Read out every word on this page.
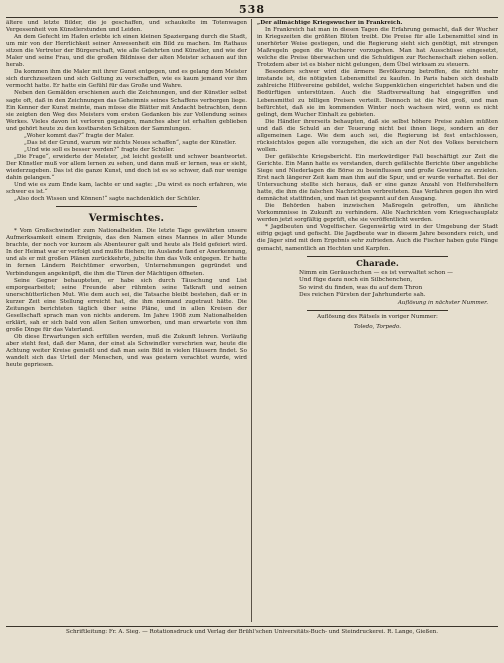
538

ältere und letzte Bilder, die je geschaffen, und schaukelte im Totenwagen Vergessenheit von Künstlerstunden und Leiden.

An dem Gefecht im Hafen erlebte ich einen kleinen Spaziergang durch die Stadt, um mir von der Herrlichkeit seiner Anwesenheit ein Bild zu machen. Im Rathaus sitzen die Vertreter der Bürgerschaft, wie alle Gelehrten und Künstler, und wie der Maler und seine Frau, und die großen Bildnisse der alten Meister schauen auf ihn herab.

Da kommen ihm die Maler mit ihrer Gunst entgegen, und es gelang dem Meister sich durchzusetzen und sich Geltung zu verschaffen, wie es kaum jemand vor ihm vermocht hatte. Er hatte ein Gefühl für das Große und Wahre.

Neben den Gemälden erschienen auch die Zeichnungen, und der Künstler selbst sagte oft, daß in den Zeichnungen das Geheimnis seines Schaffens verborgen liege. Ein Kenner der Kunst meinte, man müsse die Blätter mit Andacht betrachten, denn sie zeigten den Weg des Meisters vom ersten Gedanken bis zur Vollendung seines Werkes. Vieles davon ist verloren gegangen, manches aber ist erhalten geblieben und gehört heute zu den kostbarsten Schätzen der Sammlungen.

„Woher kommt das?“ fragte der Maler.

„Das ist der Grund, warum wir nichts Neues schaffen“, sagte der Künstler.

„Und wie soll es besser werden?“ fragte der Schüler.

„Die Frage“, erwiderte der Meister, „ist leicht gestellt und schwer beantwortet. Der Künstler muß vor allem lernen zu sehen, und dann muß er lernen, was er sieht, wiederzugeben. Das ist die ganze Kunst, und doch ist es so schwer, daß nur wenige dahin gelangen.“

Und wie es zum Ende kam, lachte er und sagte: „Du wirst es noch erfahren, wie schwer es ist.“

„Also doch Wissen und Können!“ sagte nachdenklich der Schüler.

Vermischtes.

* Vom Großschwindler zum Nationalhelden. Die letzte Tage gewährten unsere Aufmerksamkeit einem Ereignis, das den Namen eines Mannes in aller Munde brachte, der noch vor kurzem als Abenteurer galt und heute als Held gefeiert wird. In der Heimat war er verfolgt und mußte fliehen; im Auslande fand er Anerkennung, und als er mit großen Plänen zurückkehrte, jubelte ihm das Volk entgegen. Er hatte in fernen Ländern Reichtümer erworben, Unternehmungen gegründet und Verbindungen angeknüpft, die ihm die Türen der Mächtigen öffneten.

Seine Gegner behaupteten, er habe sich durch Täuschung und List emporgearbeitet; seine Freunde aber rühmten seine Tatkraft und seinen unerschütterlichen Mut. Wie dem auch sei, die Tatsache bleibt bestehen, daß er in kurzer Zeit eine Stellung erreicht hat, die ihm niemand zugetraut hätte. Die Zeitungen berichteten täglich über seine Pläne, und in allen Kreisen der Gesellschaft sprach man von nichts anderem. Im Jahre 1908 zum Nationalhelden erklärt, sah er sich bald von allen Seiten umworben, und man erwartete von ihm große Dinge für das Vaterland.

Ob diese Erwartungen sich erfüllen werden, muß die Zukunft lehren. Vorläufig aber steht fest, daß der Mann, der einst als Schwindler verschrien war, heute die Achtung weiter Kreise genießt und daß man sein Bild in vielen Häusern findet. So wandelt sich das Urteil der Menschen, und was gestern verachtet wurde, wird heute gepriesen.

„Der allmächtige Kriegswucher in Frankreich.

In Frankreich hat man in diesen Tagen die Erfahrung gemacht, daß der Wucher in Kriegszeiten die größten Blüten treibt. Die Preise für alle Lebensmittel sind in unerhörter Weise gestiegen, und die Regierung sieht sich genötigt, mit strengen Maßregeln gegen die Wucherer vorzugehen. Man hat Ausschüsse eingesetzt, welche die Preise überwachen und die Schuldigen zur Rechenschaft ziehen sollen. Trotzdem aber ist es bisher nicht gelungen, dem Übel wirksam zu steuern.

Besonders schwer wird die ärmere Bevölkerung betroffen, die nicht mehr imstande ist, die nötigsten Lebensmittel zu kaufen. In Paris haben sich deshalb zahlreiche Hilfsvereine gebildet, welche Suppenküchen eingerichtet haben und die Bedürftigen unterstützen. Auch die Stadtverwaltung hat eingegriffen und Lebensmittel zu billigen Preisen verteilt. Dennoch ist die Not groß, und man befürchtet, daß sie im kommenden Winter noch wachsen wird, wenn es nicht gelingt, dem Wucher Einhalt zu gebieten.

Die Händler ihrerseits behaupten, daß sie selbst höhere Preise zahlen müßten und daß die Schuld an der Teuerung nicht bei ihnen liege, sondern an der allgemeinen Lage. Wie dem auch sei, die Regierung ist fest entschlossen, rücksichtslos gegen alle vorzugehen, die sich an der Not des Volkes bereichern wollen.

Der gefälschte Kriegsbericht. Ein merkwürdiger Fall beschäftigt zur Zeit die Gerichte. Ein Mann hatte es verstanden, durch gefälschte Berichte über angebliche Siege und Niederlagen die Börse zu beeinflussen und große Gewinne zu erzielen. Erst nach längerer Zeit kam man ihm auf die Spur, und er wurde verhaftet. Bei der Untersuchung stellte sich heraus, daß er eine ganze Anzahl von Helfershelfern hatte, die ihm die falschen Nachrichten verbreiteten. Das Verfahren gegen ihn wird demnächst stattfinden, und man ist gespannt auf den Ausgang.

Die Behörden haben inzwischen Maßregeln getroffen, um ähnliche Vorkommnisse in Zukunft zu verhindern. Alle Nachrichten vom Kriegsschauplatz werden jetzt sorgfältig geprüft, ehe sie veröffentlicht werden.

* Jagdbeuten und Vogelfischer. Gegenwärtig wird in der Umgebung der Stadt eifrig gejagt und gefischt. Die Jagdbeute war in diesem Jahre besonders reich, und die Jäger sind mit dem Ergebnis sehr zufrieden. Auch die Fischer haben gute Fänge gemacht, namentlich an Hechten und Karpfen.

Charade.

Nimm ein Geräuschchen — es ist verwaltet schon —

Und füge dazu noch ein Silbchenchen,

So wirst du finden, was du auf dem Thron

Des reichen Fürsten der Jahrhunderte sah.

Auflösung in nächster Nummer.

Auflösung des Rätsels in voriger Nummer:
Toledo, Torpedo.
Schriftleitung: Fr. A. Sieg. — Rotationsdruck und Verlag der Brühl'schen Universitäts-Buch- und Steindruckerei. R. Lange, Gießen.
